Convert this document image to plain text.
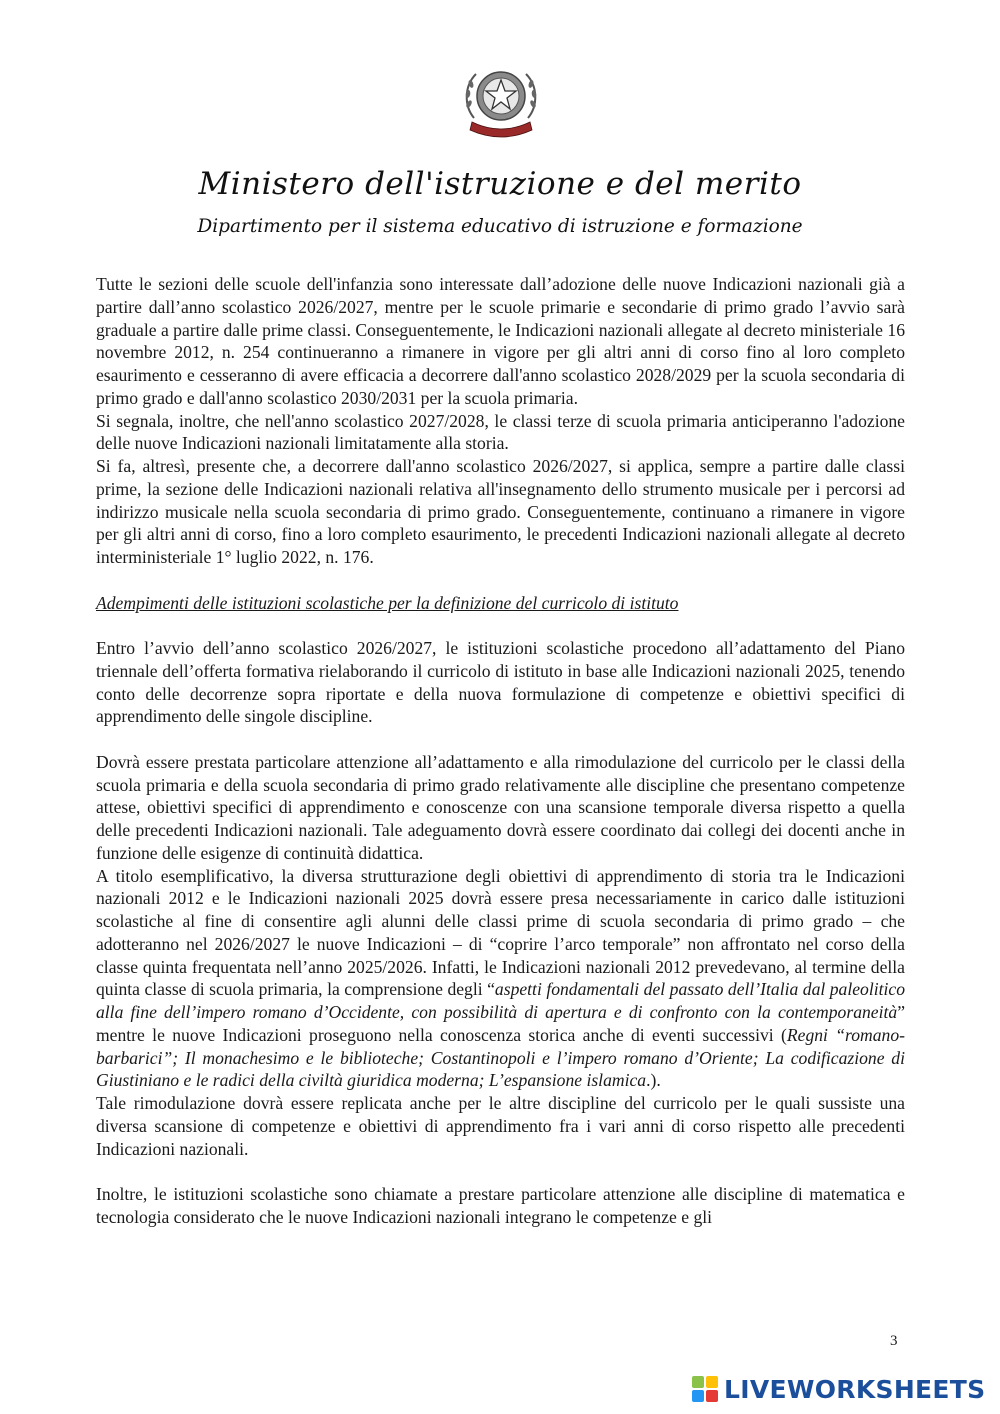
Ministero dell'istruzione e del merito
Dipartimento per il sistema educativo di istruzione e formazione

Tutte le sezioni delle scuole dell'infanzia sono interessate dall’adozione delle nuove Indicazioni nazionali già a partire dall’anno scolastico 2026/2027, mentre per le scuole primarie e secondarie di primo grado l’avvio sarà graduale a partire dalle prime classi. Conseguentemente, le Indicazioni nazionali allegate al decreto ministeriale 16 novembre 2012, n. 254 continueranno a rimanere in vigore per gli altri anni di corso fino al loro completo esaurimento e cesseranno di avere efficacia a decorrere dall'anno scolastico 2028/2029 per la scuola secondaria di primo grado e dall'anno scolastico 2030/2031 per la scuola primaria.

Si segnala, inoltre, che nell'anno scolastico 2027/2028, le classi terze di scuola primaria anticiperanno l'adozione delle nuove Indicazioni nazionali limitatamente alla storia.

Si fa, altresì, presente che, a decorrere dall'anno scolastico 2026/2027, si applica, sempre a partire dalle classi prime, la sezione delle Indicazioni nazionali relativa all'insegnamento dello strumento musicale per i percorsi ad indirizzo musicale nella scuola secondaria di primo grado. Conseguentemente, continuano a rimanere in vigore per gli altri anni di corso, fino a loro completo esaurimento, le precedenti Indicazioni nazionali allegate al decreto interministeriale 1° luglio 2022, n. 176.

Adempimenti delle istituzioni scolastiche per la definizione del curricolo di istituto

Entro l’avvio dell’anno scolastico 2026/2027, le istituzioni scolastiche procedono all’adattamento del Piano triennale dell’offerta formativa rielaborando il curricolo di istituto in base alle Indicazioni nazionali 2025, tenendo conto delle decorrenze sopra riportate e della nuova formulazione di competenze e obiettivi specifici di apprendimento delle singole discipline.

Dovrà essere prestata particolare attenzione all’adattamento e alla rimodulazione del curricolo per le classi della scuola primaria e della scuola secondaria di primo grado relativamente alle discipline che presentano competenze attese, obiettivi specifici di apprendimento e conoscenze con una scansione temporale diversa rispetto a quella delle precedenti Indicazioni nazionali. Tale adeguamento dovrà essere coordinato dai collegi dei docenti anche in funzione delle esigenze di continuità didattica.

A titolo esemplificativo, la diversa strutturazione degli obiettivi di apprendimento di storia tra le Indicazioni nazionali 2012 e le Indicazioni nazionali 2025 dovrà essere presa necessariamente in carico dalle istituzioni scolastiche al fine di consentire agli alunni delle classi prime di scuola secondaria di primo grado – che adotteranno nel 2026/2027 le nuove Indicazioni – di “coprire l’arco temporale” non affrontato nel corso della classe quinta frequentata nell’anno 2025/2026. Infatti, le Indicazioni nazionali 2012 prevedevano, al termine della quinta classe di scuola primaria, la comprensione degli “aspetti fondamentali del passato dell’Italia dal paleolitico alla fine dell’impero romano d’Occidente, con possibilità di apertura e di confronto con la contemporaneità” mentre le nuove Indicazioni proseguono nella conoscenza storica anche di eventi successivi (Regni “romano-barbarici”; Il monachesimo e le biblioteche; Costantinopoli e l’impero romano d’Oriente; La codificazione di Giustiniano e le radici della civiltà giuridica moderna; L’espansione islamica.).

Tale rimodulazione dovrà essere replicata anche per le altre discipline del curricolo per le quali sussiste una diversa scansione di competenze e obiettivi di apprendimento fra i vari anni di corso rispetto alle precedenti Indicazioni nazionali.

Inoltre, le istituzioni scolastiche sono chiamate a prestare particolare attenzione alle discipline di matematica e tecnologia considerato che le nuove Indicazioni nazionali integrano le competenze e gli

3
LIVEWORKSHEETS
